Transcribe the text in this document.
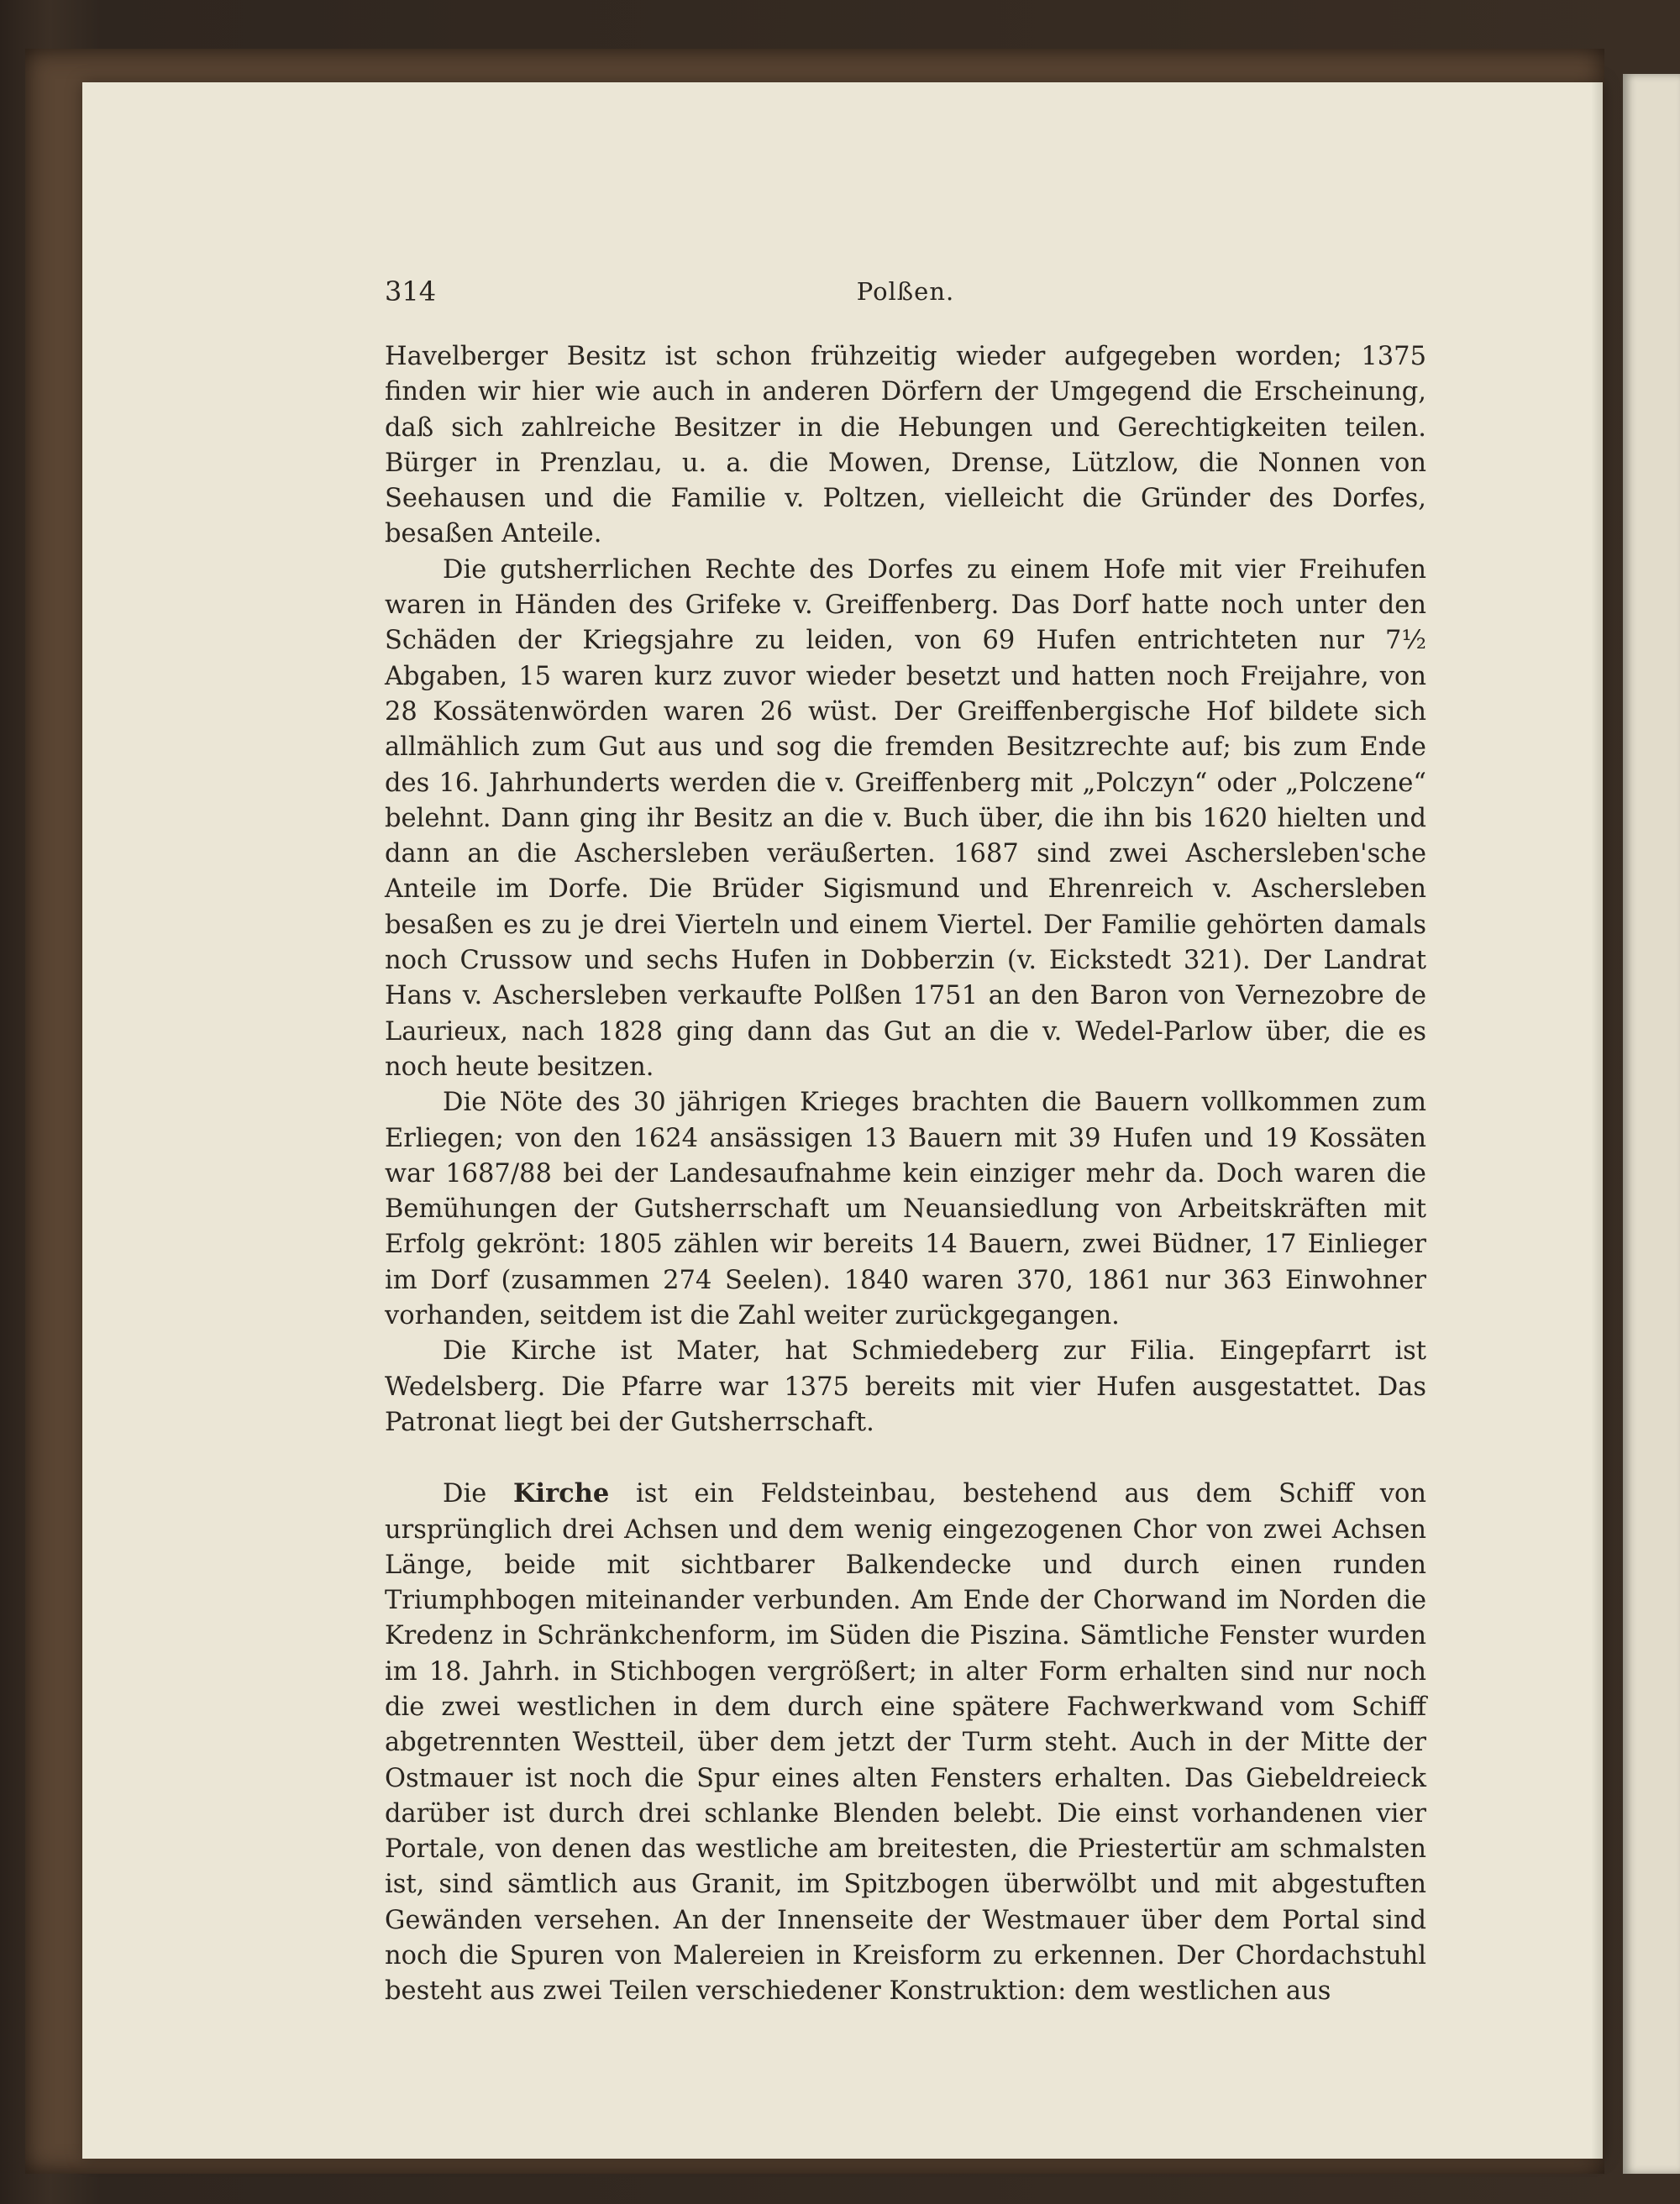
314	Polßen.

Havelberger Besitz ist schon frühzeitig wieder aufgegeben worden; 1375 finden wir hier wie auch in anderen Dörfern der Umgegend die Erscheinung, daß sich zahlreiche Besitzer in die Hebungen und Gerechtigkeiten teilen. Bürger in Prenzlau, u. a. die Mowen, Drense, Lützlow, die Nonnen von Seehausen und die Familie v. Poltzen, vielleicht die Gründer des Dorfes, besaßen Anteile.

Die gutsherrlichen Rechte des Dorfes zu einem Hofe mit vier Freihufen waren in Händen des Grifeke v. Greiffenberg. Das Dorf hatte noch unter den Schäden der Kriegsjahre zu leiden, von 69 Hufen entrichteten nur 7½ Abgaben, 15 waren kurz zuvor wieder besetzt und hatten noch Freijahre, von 28 Kossätenwörden waren 26 wüst. Der Greiffenbergische Hof bildete sich allmählich zum Gut aus und sog die fremden Besitzrechte auf; bis zum Ende des 16. Jahrhunderts werden die v. Greiffenberg mit „Polczyn“ oder „Polczene“ belehnt. Dann ging ihr Besitz an die v. Buch über, die ihn bis 1620 hielten und dann an die Aschersleben veräußerten. 1687 sind zwei Aschersleben'sche Anteile im Dorfe. Die Brüder Sigismund und Ehrenreich v. Aschersleben besaßen es zu je drei Vierteln und einem Viertel. Der Familie gehörten damals noch Crussow und sechs Hufen in Dobberzin (v. Eickstedt 321). Der Landrat Hans v. Aschersleben verkaufte Polßen 1751 an den Baron von Vernezobre de Laurieux, nach 1828 ging dann das Gut an die v. Wedel-Parlow über, die es noch heute besitzen.

Die Nöte des 30 jährigen Krieges brachten die Bauern vollkommen zum Erliegen; von den 1624 ansässigen 13 Bauern mit 39 Hufen und 19 Kossäten war 1687/88 bei der Landesaufnahme kein einziger mehr da. Doch waren die Bemühungen der Gutsherrschaft um Neuansiedlung von Arbeitskräften mit Erfolg gekrönt: 1805 zählen wir bereits 14 Bauern, zwei Büdner, 17 Einlieger im Dorf (zusammen 274 Seelen). 1840 waren 370, 1861 nur 363 Einwohner vorhanden, seitdem ist die Zahl weiter zurückgegangen.

Die Kirche ist Mater, hat Schmiedeberg zur Filia. Eingepfarrt ist Wedelsberg. Die Pfarre war 1375 bereits mit vier Hufen ausgestattet. Das Patronat liegt bei der Gutsherrschaft.

Die Kirche ist ein Feldsteinbau, bestehend aus dem Schiff von ursprünglich drei Achsen und dem wenig eingezogenen Chor von zwei Achsen Länge, beide mit sichtbarer Balkendecke und durch einen runden Triumphbogen miteinander verbunden. Am Ende der Chorwand im Norden die Kredenz in Schränkchenform, im Süden die Piszina. Sämtliche Fenster wurden im 18. Jahrh. in Stichbogen vergrößert; in alter Form erhalten sind nur noch die zwei westlichen in dem durch eine spätere Fachwerkwand vom Schiff abgetrennten Westteil, über dem jetzt der Turm steht. Auch in der Mitte der Ostmauer ist noch die Spur eines alten Fensters erhalten. Das Giebeldreieck darüber ist durch drei schlanke Blenden belebt. Die einst vorhandenen vier Portale, von denen das westliche am breitesten, die Priestertür am schmalsten ist, sind sämtlich aus Granit, im Spitzbogen überwölbt und mit abgestuften Gewänden versehen. An der Innenseite der Westmauer über dem Portal sind noch die Spuren von Malereien in Kreisform zu erkennen. Der Chordachstuhl besteht aus zwei Teilen verschiedener Konstruktion: dem westlichen aus
